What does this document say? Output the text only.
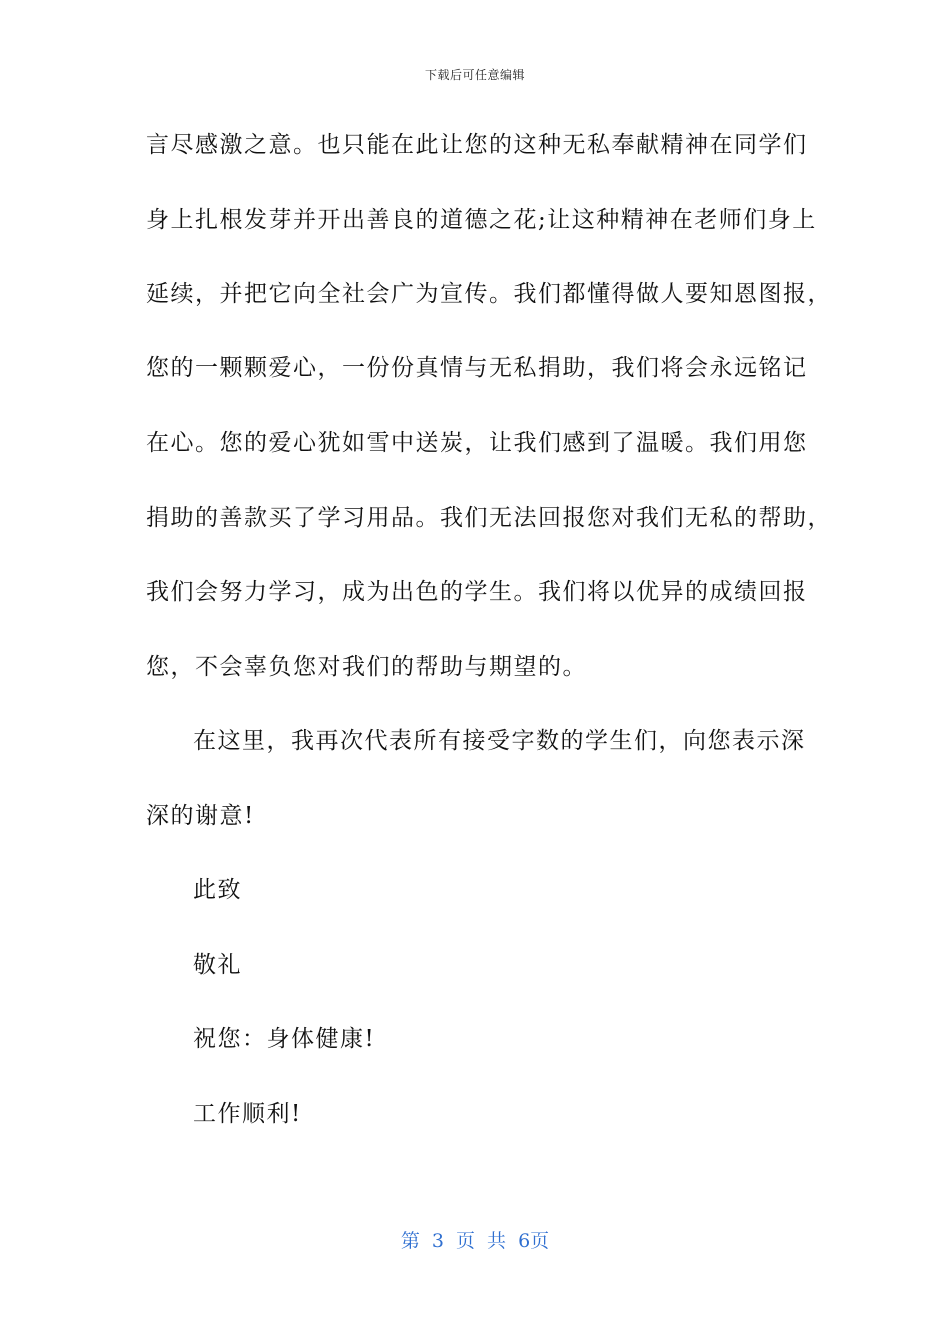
下载后可任意编辑
言尽感激之意。也只能在此让您的这种无私奉献精神在同学们
身上扎根发芽并开出善良的道德之花;让这种精神在老师们身上
延续，并把它向全社会广为宣传。我们都懂得做人要知恩图报，
您的一颗颗爱心，一份份真情与无私捐助，我们将会永远铭记
在心。您的爱心犹如雪中送炭，让我们感到了温暖。我们用您
捐助的善款买了学习用品。我们无法回报您对我们无私的帮助，
我们会努力学习，成为出色的学生。我们将以优异的成绩回报
您，不会辜负您对我们的帮助与期望的。
在这里，我再次代表所有接受字数的学生们，向您表示深
深的谢意!
此致
敬礼
祝您：身体健康!
工作顺利!
第 3 页 共 6页
